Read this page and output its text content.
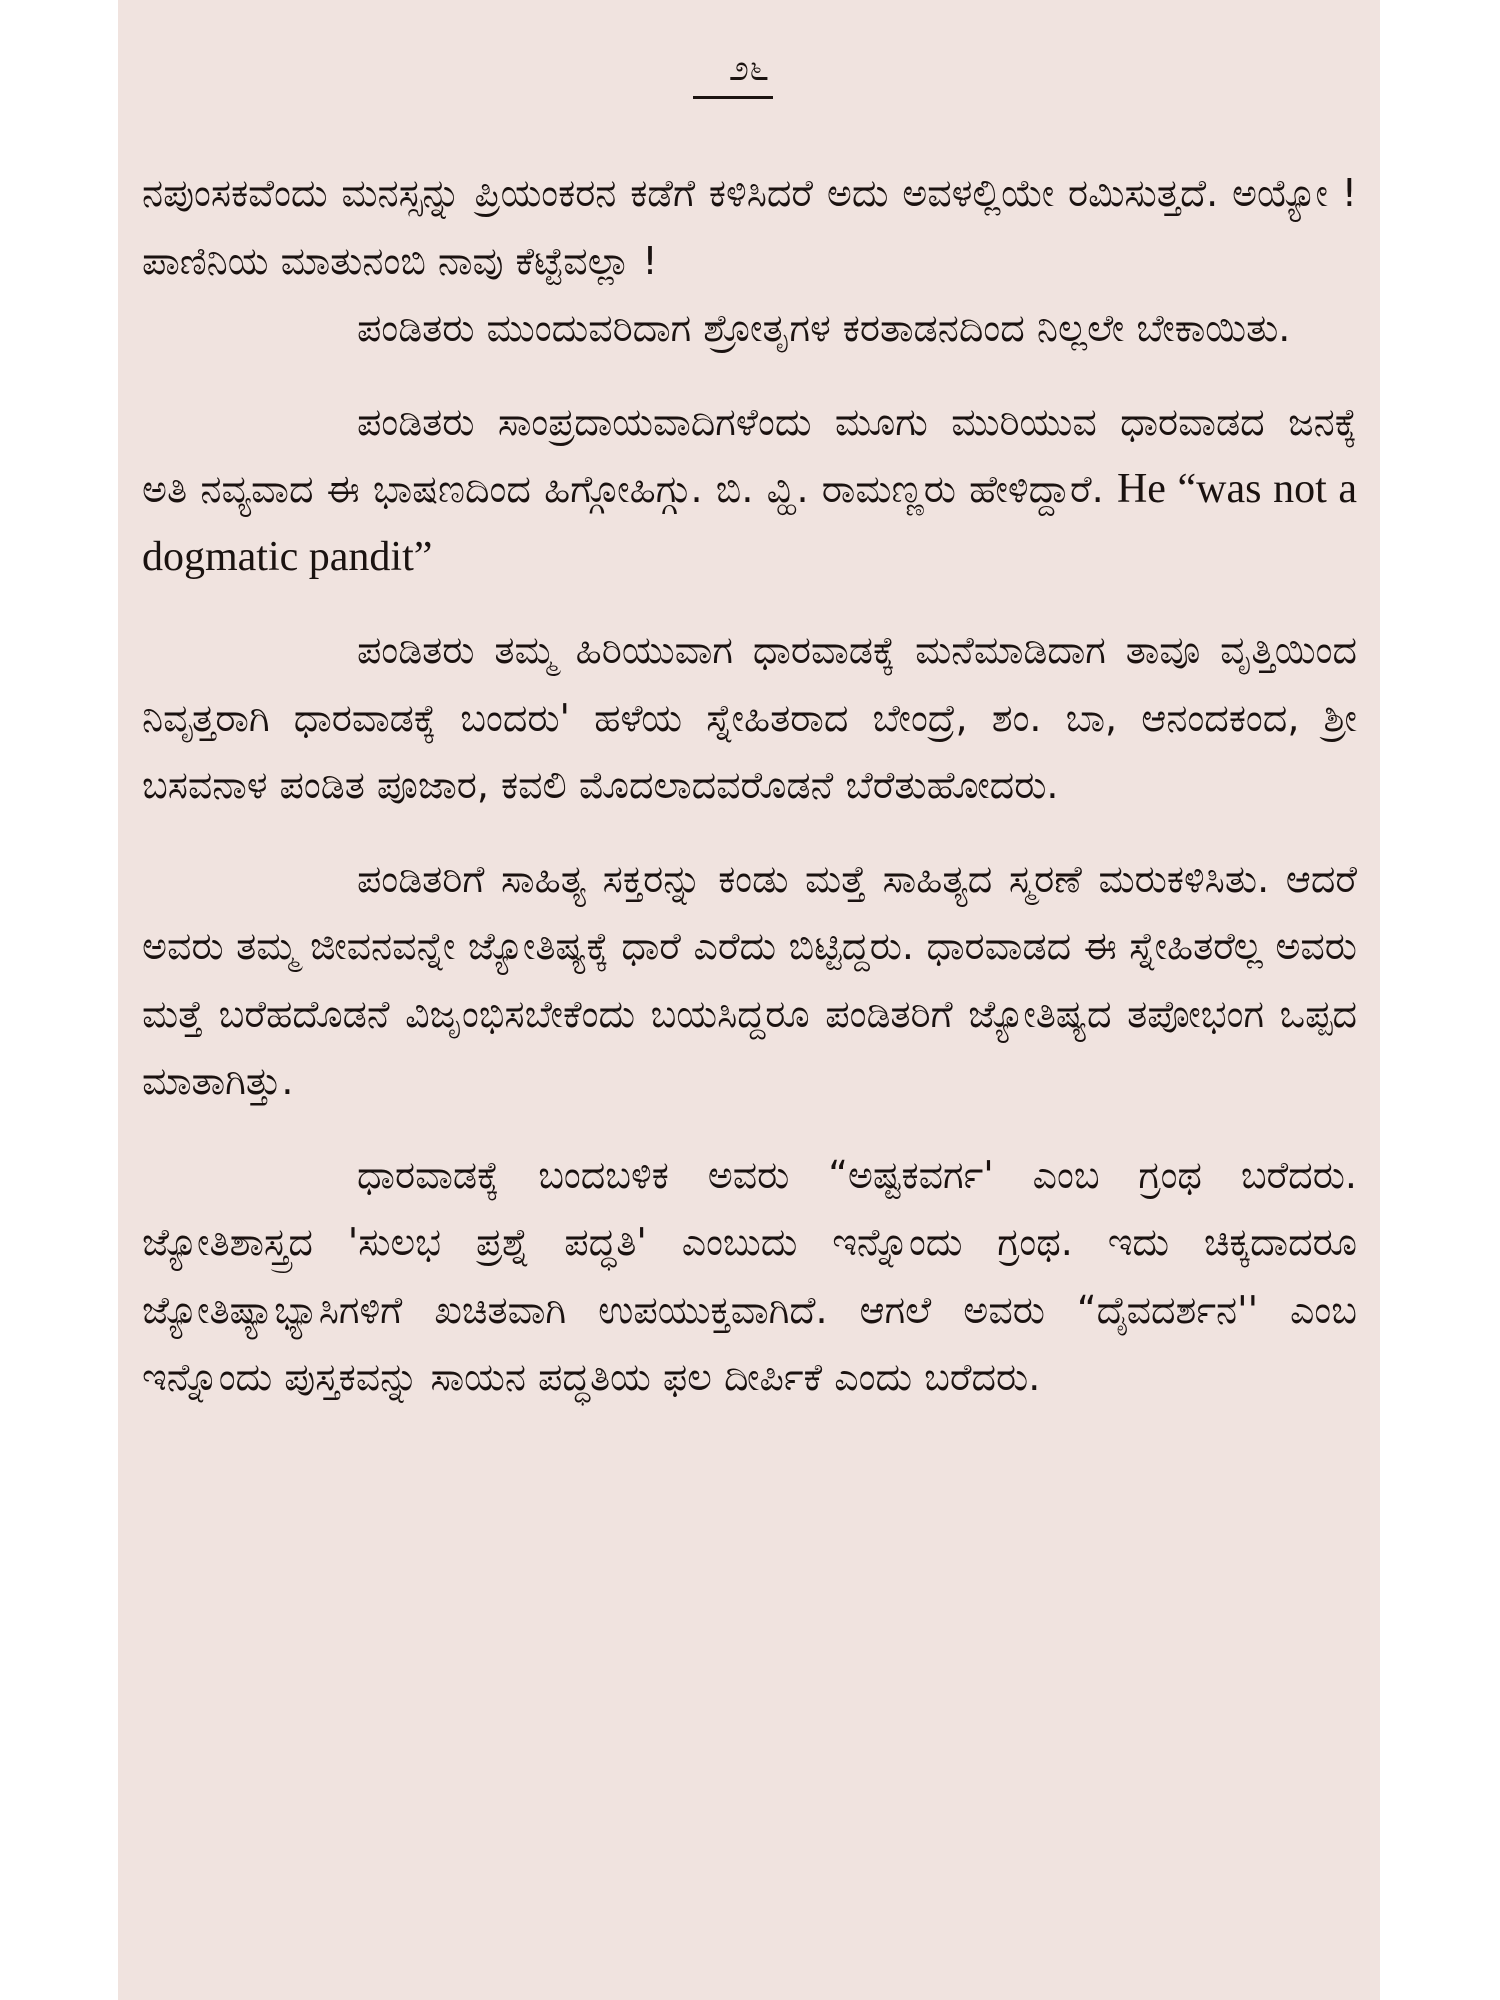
೨೬

ನಪುಂಸಕವೆಂದು ಮನಸ್ಸನ್ನು ಪ್ರಿಯಂಕರನ ಕಡೆಗೆ ಕಳಿಸಿದರೆ ಅದು ಅವಳಲ್ಲಿಯೇ ರಮಿಸುತ್ತದೆ. ಅಯ್ಯೋ ! ಪಾಣಿನಿಯ ಮಾತುನಂಬಿ ನಾವು ಕೆಟ್ಟೆವಲ್ಲಾ !

ಪಂಡಿತರು ಮುಂದುವರಿದಾಗ ಶ್ರೋತೃಗಳ ಕರತಾಡನದಿಂದ ನಿಲ್ಲಲೇ ಬೇಕಾಯಿತು.

ಪಂಡಿತರು ಸಾಂಪ್ರದಾಯವಾದಿಗಳೆಂದು ಮೂಗು ಮುರಿಯುವ ಧಾರವಾಡದ ಜನಕ್ಕೆ ಅತಿ ನವ್ಯವಾದ ಈ ಭಾಷಣದಿಂದ ಹಿಗ್ಗೋಹಿಗ್ಗು. ಬಿ. ವ್ಹಿ. ರಾಮಣ್ಣರು ಹೇಳಿದ್ದಾರೆ. He “was not a dogmatic pandit”

ಪಂಡಿತರು ತಮ್ಮ ಹಿರಿಯುವಾಗ ಧಾರವಾಡಕ್ಕೆ ಮನೆಮಾಡಿದಾಗ ತಾವೂ ವೃತ್ತಿಯಿಂದ ನಿವೃತ್ತರಾಗಿ ಧಾರವಾಡಕ್ಕೆ ಬಂದರು' ಹಳೆಯ ಸ್ನೇಹಿತರಾದ ಬೇಂದ್ರೆ, ಶಂ. ಬಾ, ಆನಂದಕಂದ, ಶ್ರೀ ಬಸವನಾಳ ಪಂಡಿತ ಪೂಜಾರ, ಕವಲಿ ಮೊದಲಾದವರೊಡನೆ ಬೆರೆತುಹೋದರು.

ಪಂಡಿತರಿಗೆ ಸಾಹಿತ್ಯ ಸಕ್ತರನ್ನು ಕಂಡು ಮತ್ತೆ ಸಾಹಿತ್ಯದ ಸ್ಮರಣೆ ಮರುಕಳಿಸಿತು. ಆದರೆ ಅವರು ತಮ್ಮ ಜೀವನವನ್ನೇ ಜ್ಯೋತಿಷ್ಯಕ್ಕೆ ಧಾರೆ ಎರೆದು ಬಿಟ್ಟಿದ್ದರು. ಧಾರವಾಡದ ಈ ಸ್ನೇಹಿತರೆಲ್ಲ ಅವರು ಮತ್ತೆ ಬರೆಹದೊಡನೆ ವಿಜೃಂಭಿಸಬೇಕೆಂದು ಬಯಸಿದ್ದರೂ ಪಂಡಿತರಿಗೆ ಜ್ಯೋತಿಷ್ಯದ ತಪೋಭಂಗ ಒಪ್ಪದ ಮಾತಾಗಿತ್ತು.

ಧಾರವಾಡಕ್ಕೆ ಬಂದಬಳಿಕ ಅವರು “ಅಷ್ಟಕವರ್ಗ' ಎಂಬ ಗ್ರಂಥ ಬರೆದರು. ಜ್ಯೋತಿಶಾಸ್ತ್ರದ 'ಸುಲಭ ಪ್ರಶ್ನೆ ಪದ್ಧತಿ' ಎಂಬುದು ಇನ್ನೊಂದು ಗ್ರಂಥ. ಇದು ಚಿಕ್ಕದಾದರೂ ಜ್ಯೋತಿಷ್ಯಾಭ್ಯಾಸಿಗಳಿಗೆ ಖಚಿತವಾಗಿ ಉಪಯುಕ್ತವಾಗಿದೆ. ಆಗಲೆ ಅವರು “ದೈವದರ್ಶನ'' ಎಂಬ ಇನ್ನೊಂದು ಪುಸ್ತಕವನ್ನು ಸಾಯನ ಪದ್ಧತಿಯ ಫಲ ದೀರ್ಪಿಕೆ ಎಂದು ಬರೆದರು.
